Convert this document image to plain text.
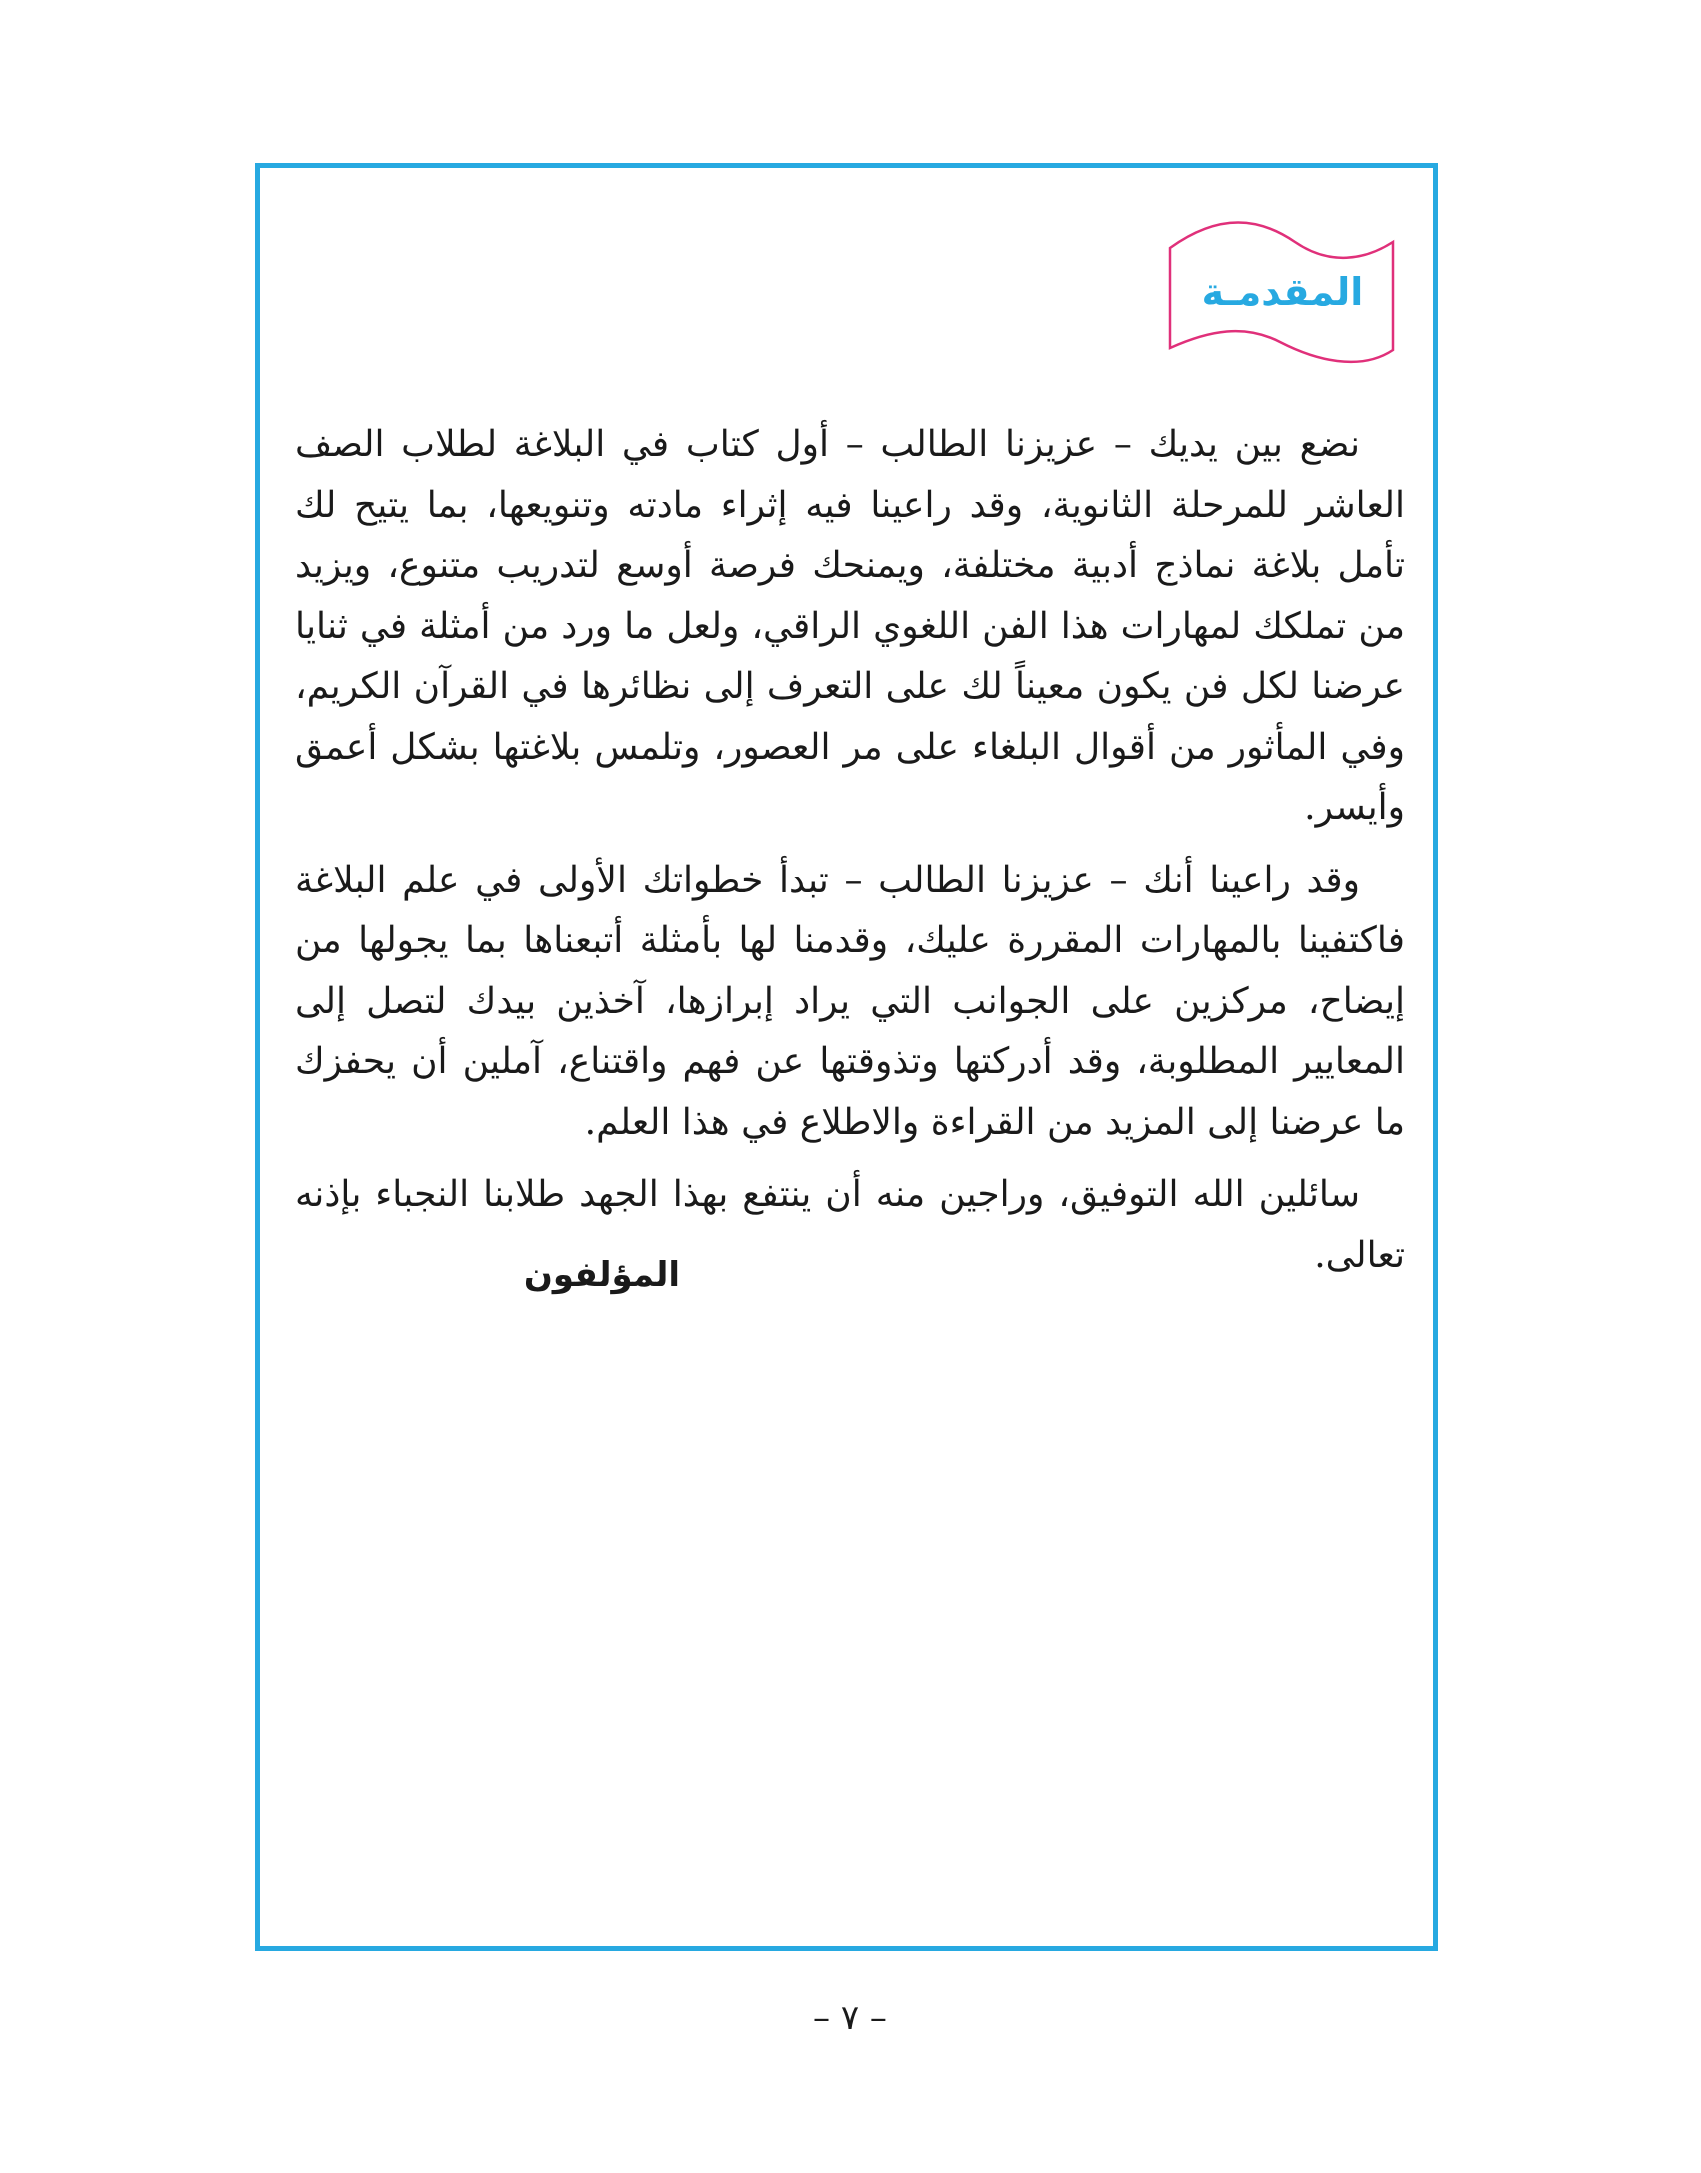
المقدمـة

نضع بين يديك – عزيزنا الطالب – أول كتاب في البلاغة لطلاب الصف العاشر للمرحلة الثانوية، وقد راعينا فيه إثراء مادته وتنويعها، بما يتيح لك تأمل بلاغة نماذج أدبية مختلفة، ويمنحك فرصة أوسع لتدريب متنوع، ويزيد من تملكك لمهارات هذا الفن اللغوي الراقي، ولعل ما ورد من أمثلة في ثنايا عرضنا لكل فن يكون معيناً لك على التعرف إلى نظائرها في القرآن الكريم، وفي المأثور من أقوال البلغاء على مر العصور، وتلمس بلاغتها بشكل أعمق وأيسر.

وقد راعينا أنك – عزيزنا الطالب – تبدأ خطواتك الأولى في علم البلاغة فاكتفينا بالمهارات المقررة عليك، وقدمنا لها بأمثلة أتبعناها بما يجولها من إيضاح، مركزين على الجوانب التي يراد إبرازها، آخذين بيدك لتصل إلى المعايير المطلوبة، وقد أدركتها وتذوقتها عن فهم واقتناع، آملين أن يحفزك ما عرضنا إلى المزيد من القراءة والاطلاع في هذا العلم.

سائلين الله التوفيق، وراجين منه أن ينتفع بهذا الجهد طلابنا النجباء بإذنه تعالى.

المؤلفون
– ٧ –
